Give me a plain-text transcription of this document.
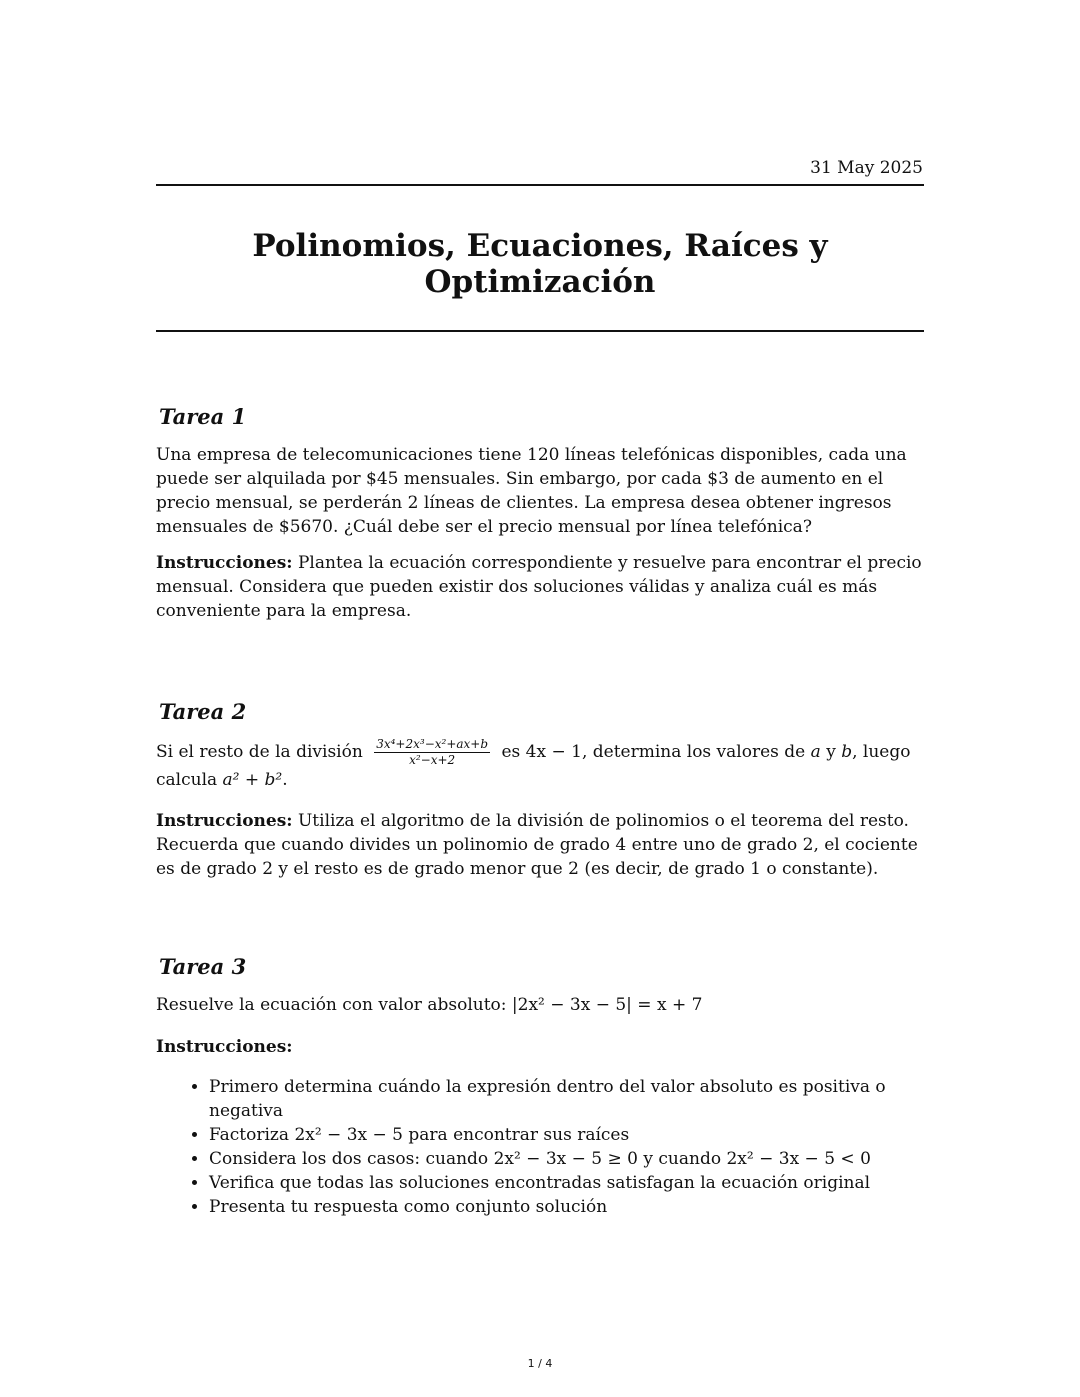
31 May 2025
Polinomios, Ecuaciones, Raíces y Optimización
Tarea 1

Una empresa de telecomunicaciones tiene 120 líneas telefónicas disponibles, cada una puede ser alquilada por $45 mensuales. Sin embargo, por cada $3 de aumento en el precio mensual, se perderán 2 líneas de clientes. La empresa desea obtener ingresos mensuales de $5670. ¿Cuál debe ser el precio mensual por línea telefónica?

Instrucciones: Plantea la ecuación correspondiente y resuelve para encontrar el precio mensual. Considera que pueden existir dos soluciones válidas y analiza cuál es más conveniente para la empresa.

Tarea 2

Si el resto de la división $\frac{\text{3x⁴+2x³−x²+ax+b}}{\text{x²−x+2}}$ es 4x − 1, determina los valores de a y b, luego calcula a² + b².

Instrucciones: Utiliza el algoritmo de la división de polinomios o el teorema del resto. Recuerda que cuando divides un polinomio de grado 4 entre uno de grado 2, el cociente es de grado 2 y el resto es de grado menor que 2 (es decir, de grado 1 o constante).

Tarea 3

Resuelve la ecuación con valor absoluto: |2x² − 3x − 5| = x + 7

Instrucciones:

• Primero determina cuándo la expresión dentro del valor absoluto es positiva o negativa
• Factoriza 2x² − 3x − 5 para encontrar sus raíces
• Considera los dos casos: cuando 2x² − 3x − 5 ≥ 0 y cuando 2x² − 3x − 5 < 0
• Verifica que todas las soluciones encontradas satisfagan la ecuación original
• Presenta tu respuesta como conjunto solución
1 / 4
